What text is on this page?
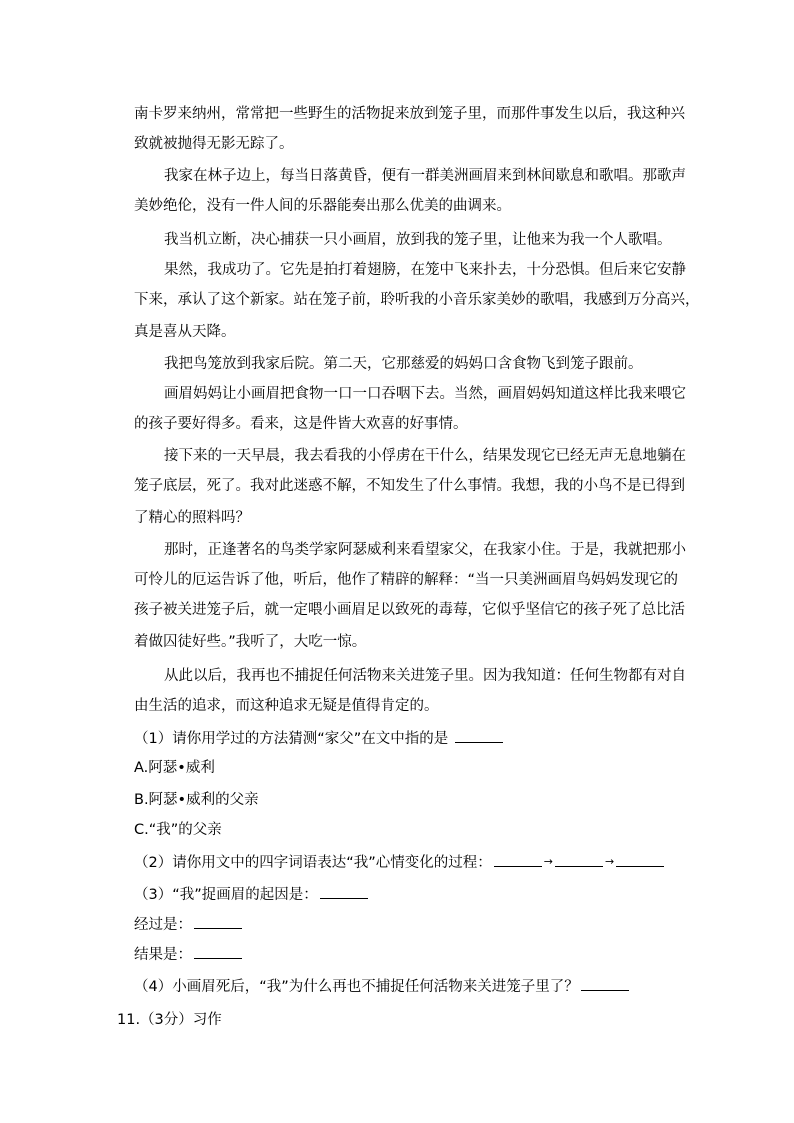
南卡罗来纳州，常常把一些野生的活物捉来放到笼子里，而那件事发生以后，我这种兴
致就被抛得无影无踪了。
我家在林子边上，每当日落黄昏，便有一群美洲画眉来到林间歇息和歌唱。那歌声
美妙绝伦，没有一件人间的乐器能奏出那么优美的曲调来。
我当机立断，决心捕获一只小画眉，放到我的笼子里，让他来为我一个人歌唱。
果然，我成功了。它先是拍打着翅膀，在笼中飞来扑去，十分恐惧。但后来它安静
下来，承认了这个新家。站在笼子前，聆听我的小音乐家美妙的歌唱，我感到万分高兴，
真是喜从天降。
我把鸟笼放到我家后院。第二天，它那慈爱的妈妈口含食物飞到笼子跟前。
画眉妈妈让小画眉把食物一口一口吞咽下去。当然，画眉妈妈知道这样比我来喂它
的孩子要好得多。看来，这是件皆大欢喜的好事情。
接下来的一天早晨，我去看我的小俘虏在干什么，结果发现它已经无声无息地躺在
笼子底层，死了。我对此迷惑不解，不知发生了什么事情。我想，我的小鸟不是已得到
了精心的照料吗？
那时，正逢著名的鸟类学家阿瑟威利来看望家父，在我家小住。于是，我就把那小
可怜儿的厄运告诉了他，听后，他作了精辟的解释：“当一只美洲画眉鸟妈妈发现它的
孩子被关进笼子后，就一定喂小画眉足以致死的毒莓，它似乎坚信它的孩子死了总比活
着做囚徒好些。”我听了，大吃一惊。
从此以后，我再也不捕捉任何活物来关进笼子里。因为我知道：任何生物都有对自
由生活的追求，而这种追求无疑是值得肯定的。
（1）请你用学过的方法猜测“家父”在文中指的是
A.阿瑟•威利
B.阿瑟•威利的父亲
C.“我”的父亲
（2）请你用文中的四字词语表达“我”心情变化的过程：	→	→
（3）“我”捉画眉的起因是：
经过是：
结果是：
（4）小画眉死后，“我”为什么再也不捕捉任何活物来关进笼子里了？
11.（3分）习作
